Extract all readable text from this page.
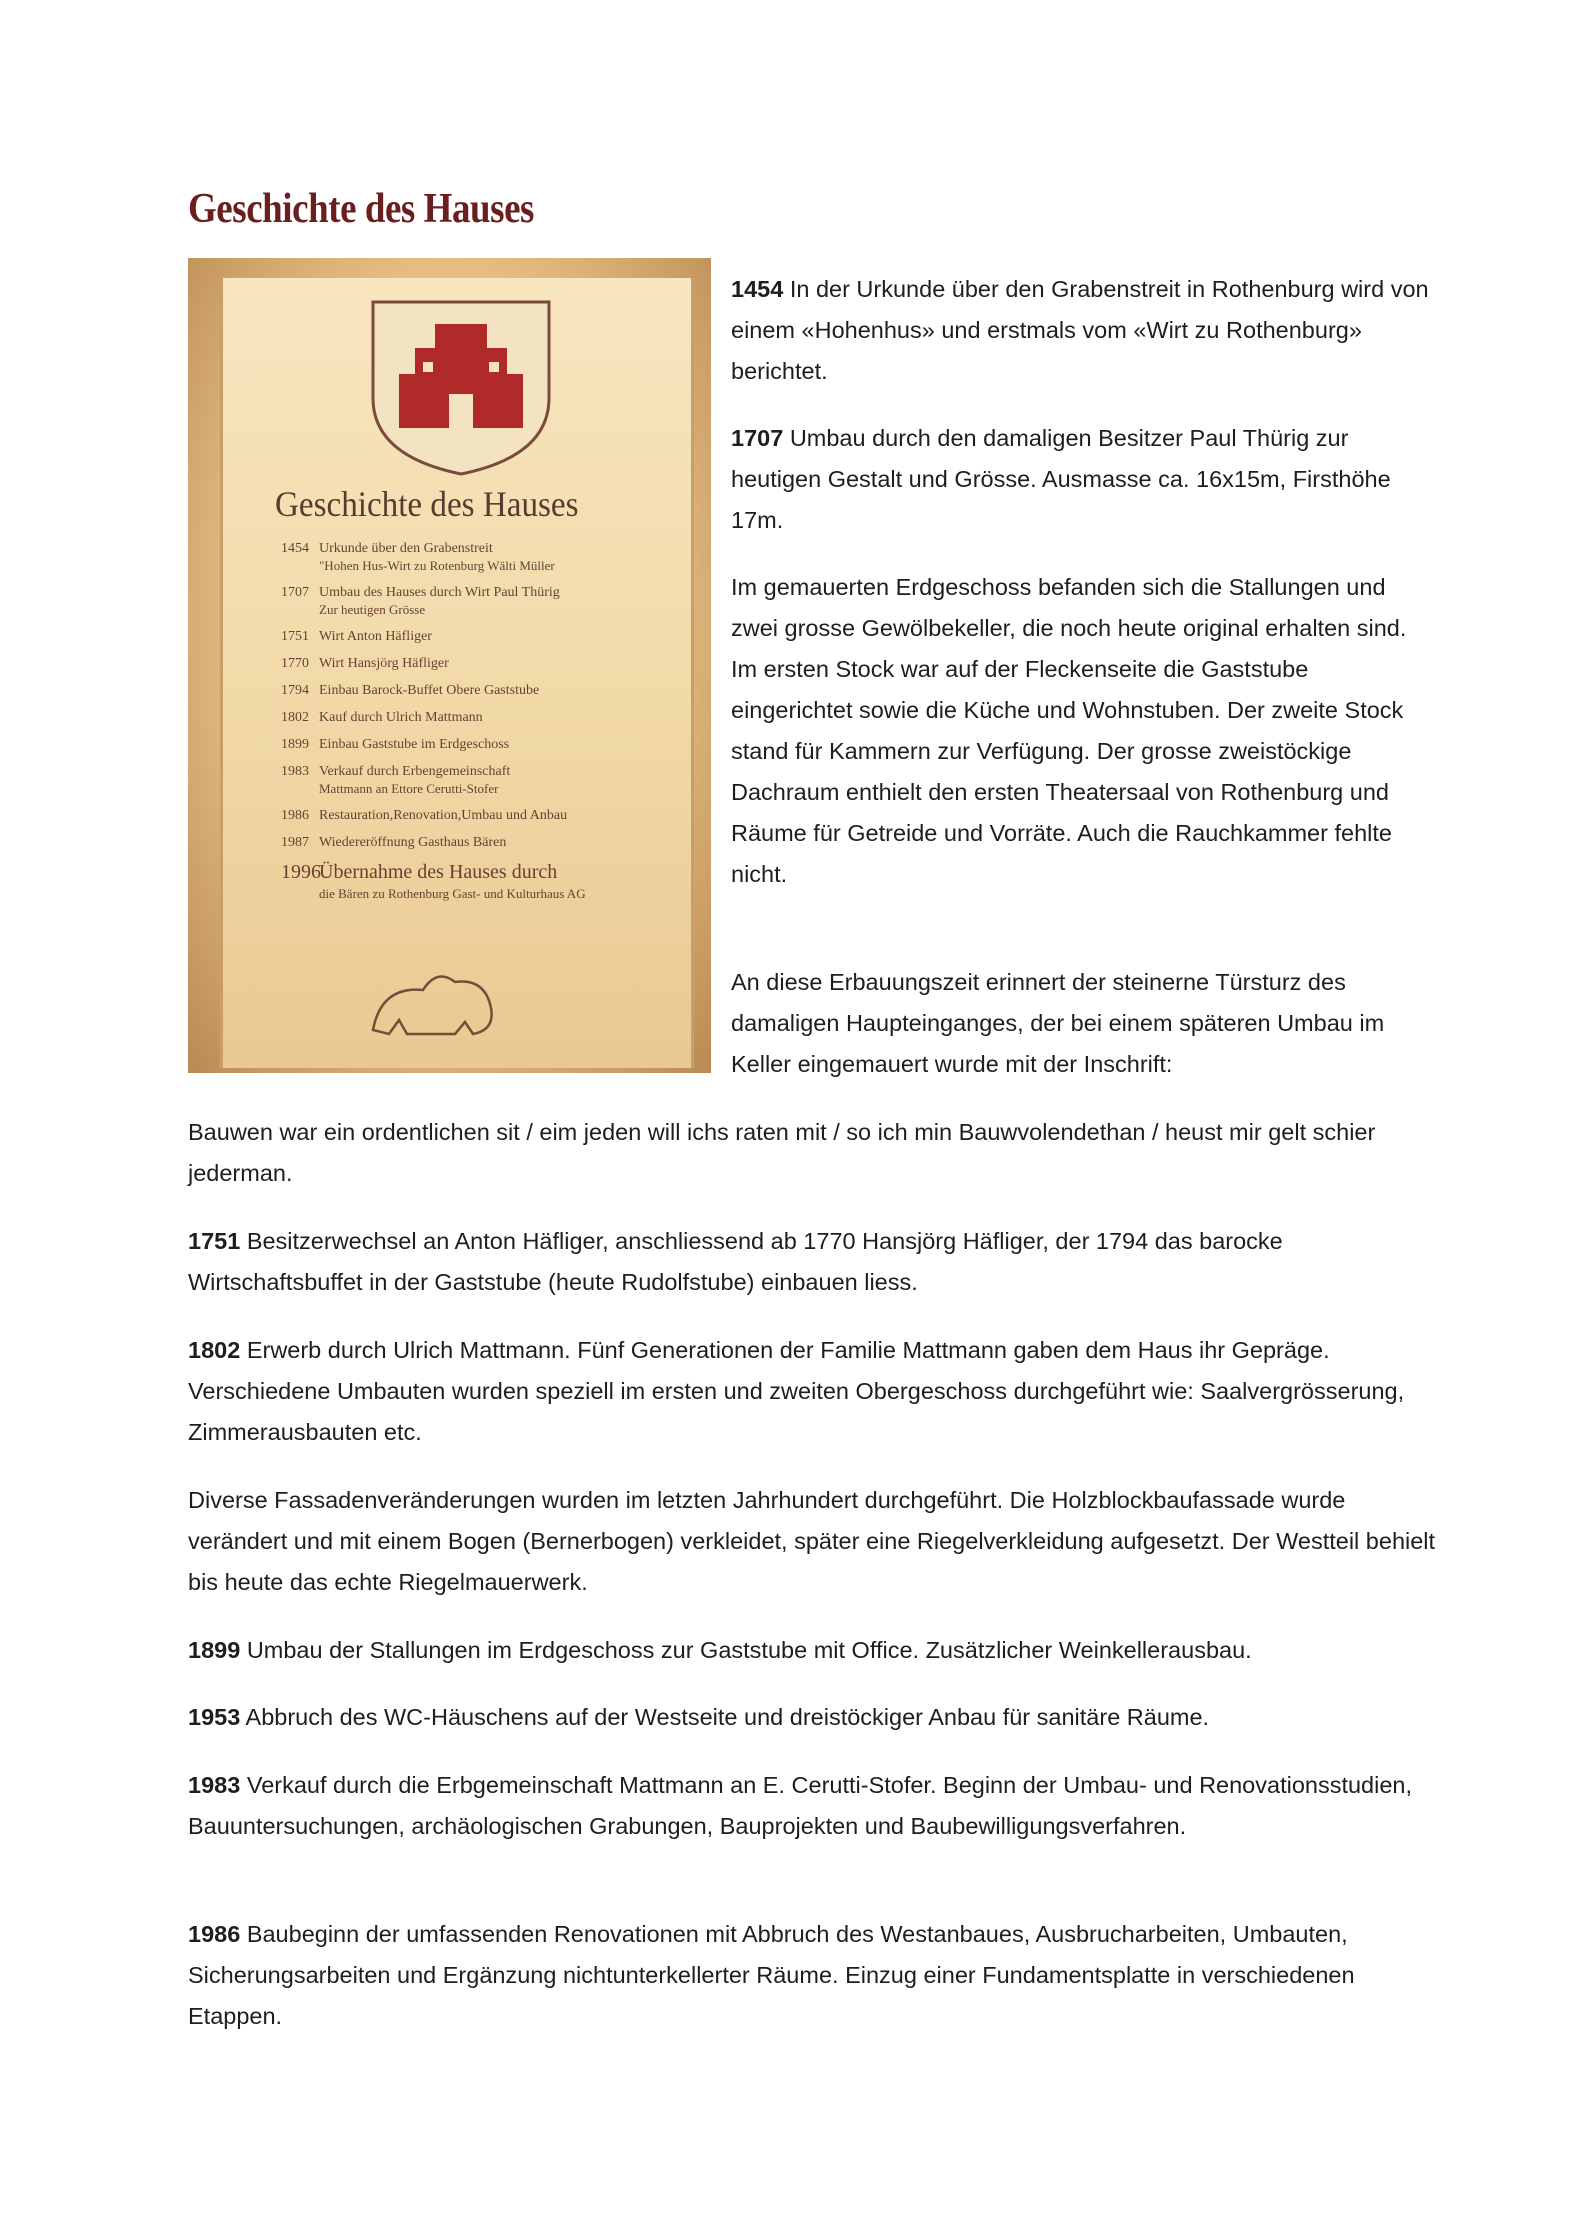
Geschichte des Hauses
Geschichte des Hauses
1454 Urkunde über den Grabenstreit
"Hohen Hus-Wirt zu Rotenburg Wälti Müller
1707 Umbau des Hauses durch Wirt Paul Thürig
Zur heutigen Grösse
1751 Wirt Anton Häfliger
1770 Wirt Hansjörg Häfliger
1794 Einbau Barock-Buffet Obere Gaststube
1802 Kauf durch Ulrich Mattmann
1899 Einbau Gaststube im Erdgeschoss
1983 Verkauf durch Erbengemeinschaft
Mattmann an Ettore Cerutti-Stofer
1986 Restauration,Renovation,Umbau und Anbau
1987 Wiedereröffnung Gasthaus Bären
1996
Übernahme des Hauses durch
die Bären zu Rothenburg Gast- und Kulturhaus AG

1454 In der Urkunde über den Grabenstreit in Rothenburg wird von einem «Hohenhus» und erstmals vom «Wirt zu Rothenburg» berichtet.

1707 Umbau durch den damaligen Besitzer Paul Thürig zur heutigen Gestalt und Grösse. Ausmasse ca. 16x15m, Firsthöhe 17m.

Im gemauerten Erdgeschoss befanden sich die Stallungen und zwei grosse Gewölbekeller, die noch heute original erhalten sind. Im ersten Stock war auf der Fleckenseite die Gaststube eingerichtet sowie die Küche und Wohnstuben. Der zweite Stock stand für Kammern zur Verfügung. Der grosse zweistöckige Dachraum enthielt den ersten Theatersaal von Rothenburg und Räume für Getreide und Vorräte. Auch die Rauchkammer fehlte nicht.

An diese Erbauungszeit erinnert der steinerne Türsturz des damaligen Haupteinganges, der bei einem späteren Umbau im Keller eingemauert wurde mit der Inschrift:

Bauwen war ein ordentlichen sit / eim jeden will ichs raten mit / so ich min Bauwvolendethan / heust mir gelt schier jederman.

1751 Besitzerwechsel an Anton Häfliger, anschliessend ab 1770 Hansjörg Häfliger, der 1794 das barocke Wirtschaftsbuffet in der Gaststube (heute Rudolfstube) einbauen liess.

1802 Erwerb durch Ulrich Mattmann. Fünf Generationen der Familie Mattmann gaben dem Haus ihr Gepräge. Verschiedene Umbauten wurden speziell im ersten und zweiten Obergeschoss durchgeführt wie: Saalvergrösserung, Zimmerausbauten etc.

Diverse Fassadenveränderungen wurden im letzten Jahrhundert durchgeführt. Die Holzblockbaufassade wurde verändert und mit einem Bogen (Bernerbogen) verkleidet, später eine Riegelverkleidung aufgesetzt. Der Westteil behielt bis heute das echte Riegelmauerwerk.

1899 Umbau der Stallungen im Erdgeschoss zur Gaststube mit Office. Zusätzlicher Weinkellerausbau.

1953 Abbruch des WC-Häuschens auf der Westseite und dreistöckiger Anbau für sanitäre Räume.

1983 Verkauf durch die Erbgemeinschaft Mattmann an E. Cerutti-Stofer. Beginn der Umbau- und Renovationsstudien, Bauuntersuchungen, archäologischen Grabungen, Bauprojekten und Baubewilligungsverfahren.

1986 Baubeginn der umfassenden Renovationen mit Abbruch des Westanbaues, Ausbrucharbeiten, Umbauten, Sicherungsarbeiten und Ergänzung nichtunterkellerter Räume. Einzug einer Fundamentsplatte in verschiedenen Etappen.
